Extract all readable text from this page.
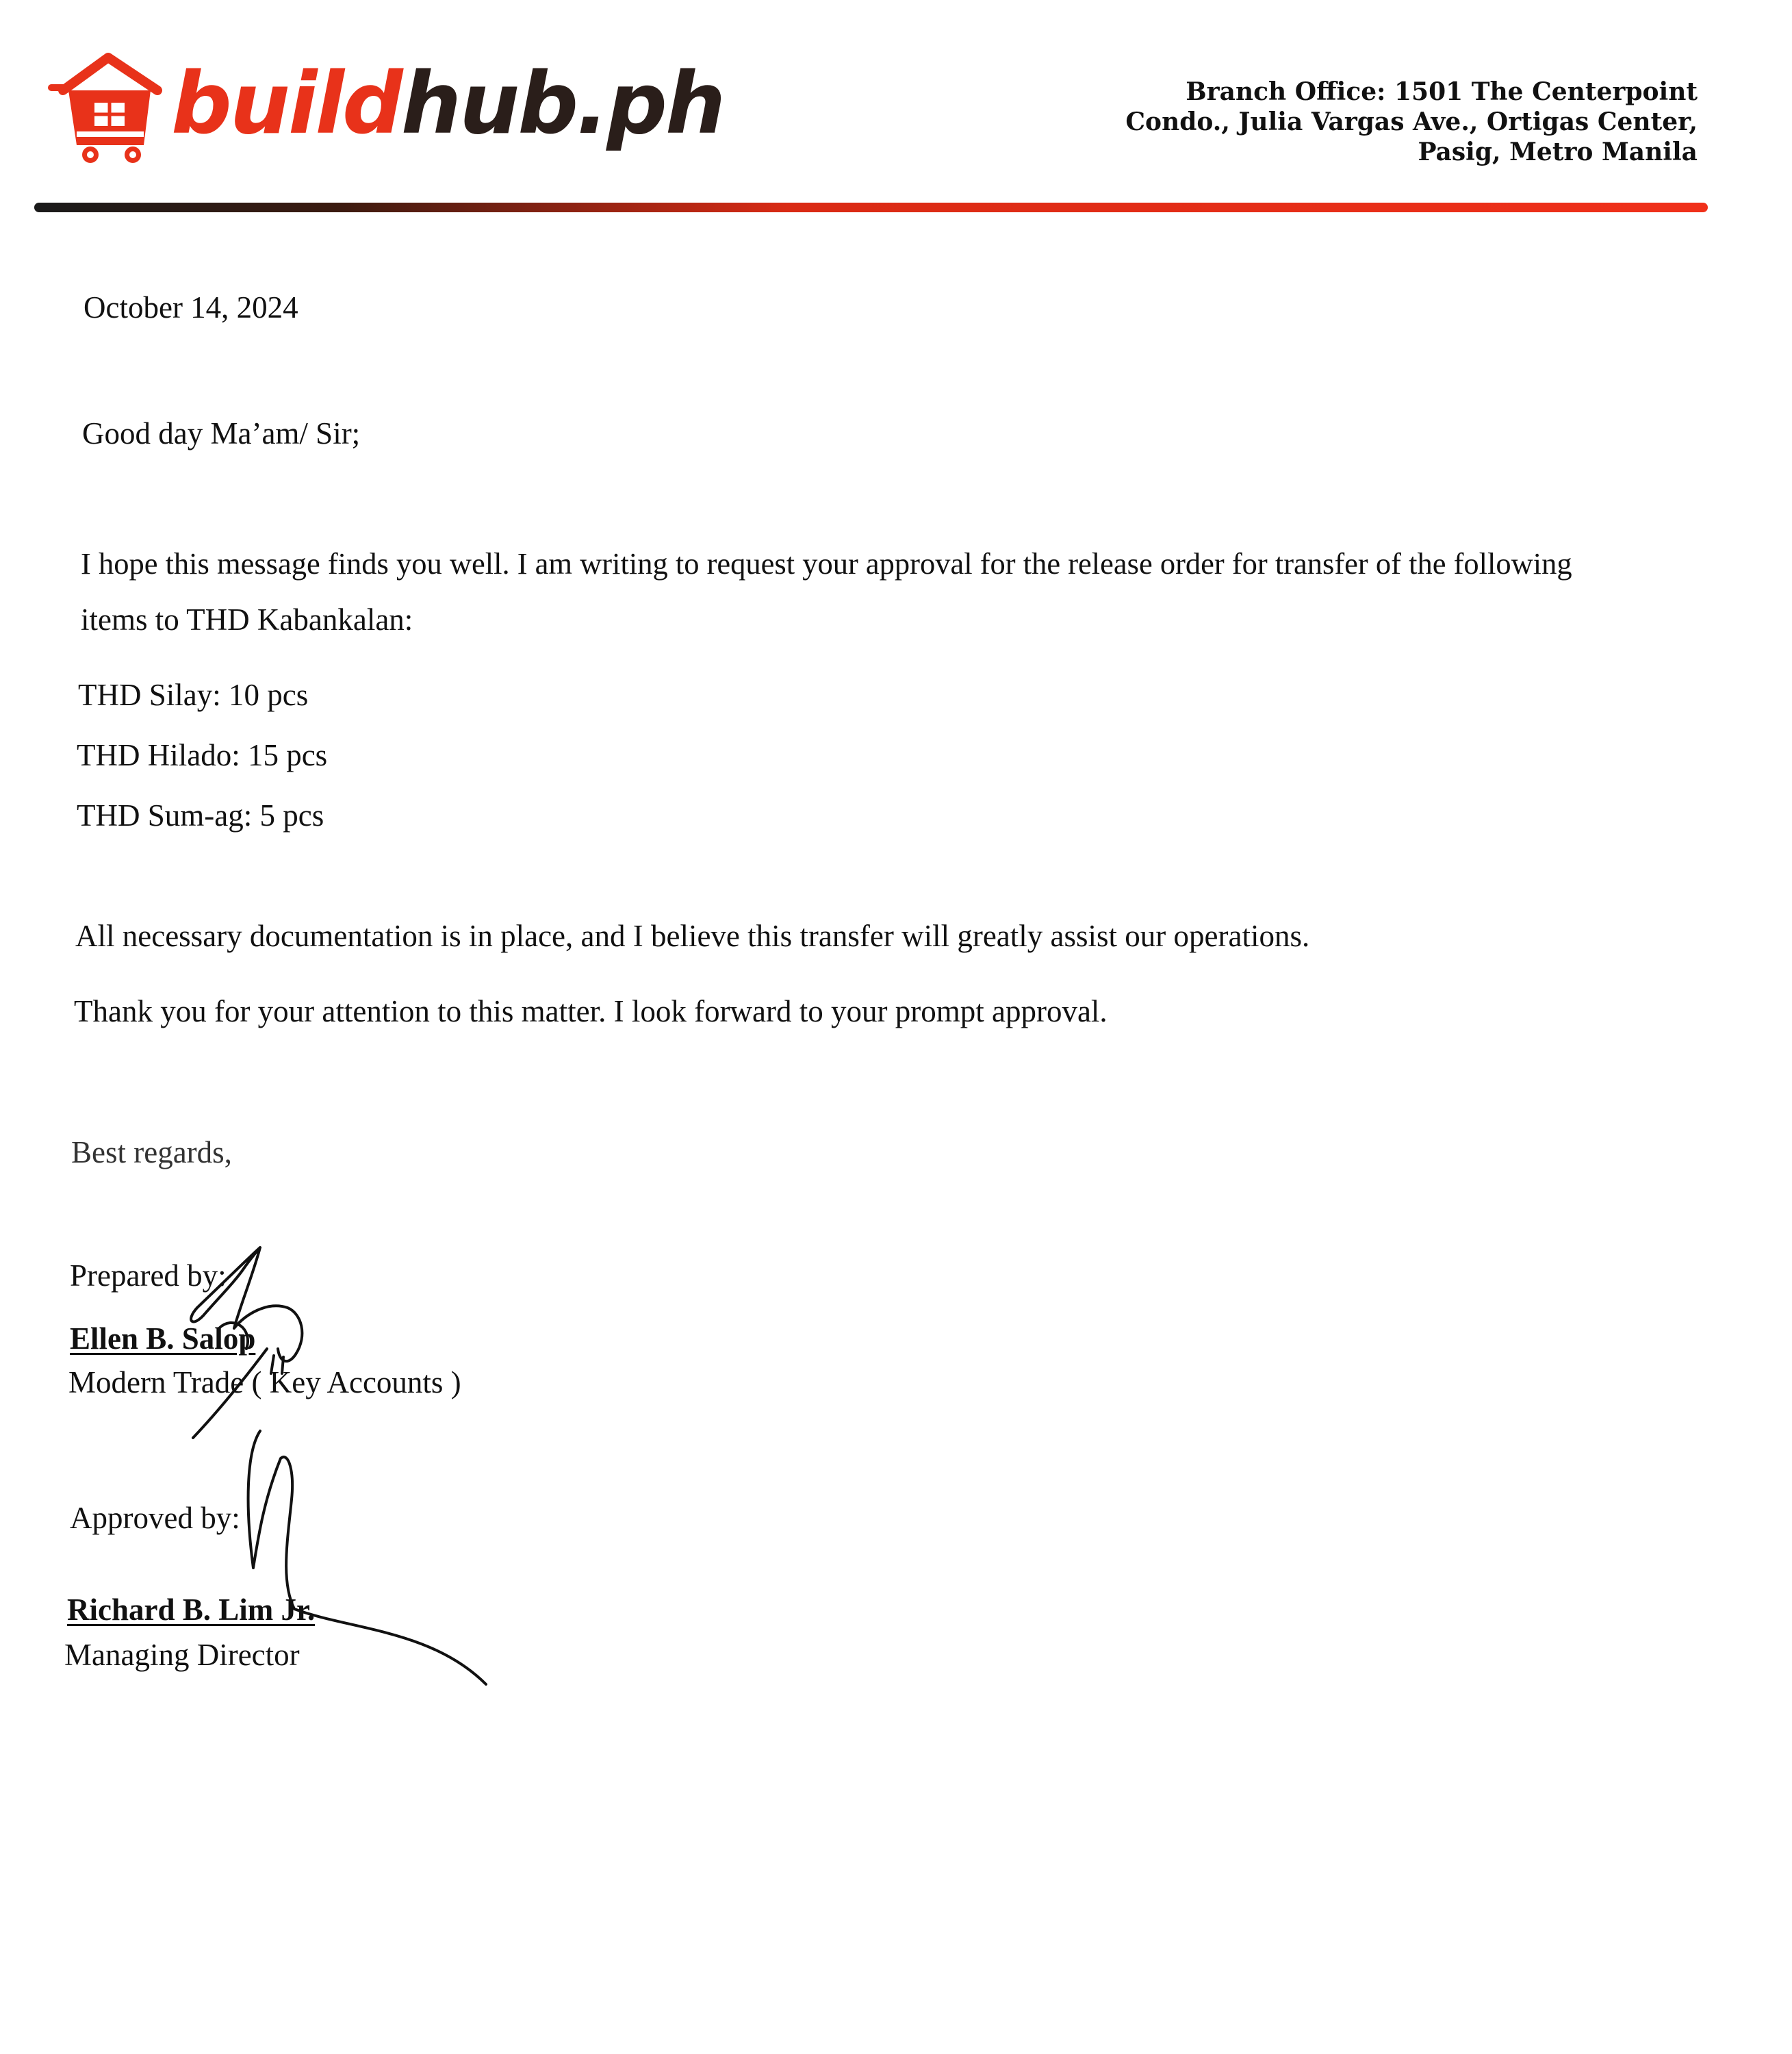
buildhub.ph	Branch Office: 1501 The Centerpoint
Condo., Julia Vargas Ave., Ortigas Center,
Pasig, Metro Manila
October 14, 2024
Good day Ma’am/ Sir;
I hope this message finds you well. I am writing to request your approval for the release order for transfer of the following
items to THD Kabankalan:
THD Silay: 10 pcs
THD Hilado: 15 pcs
THD Sum-ag: 5 pcs
All necessary documentation is in place, and I believe this transfer will greatly assist our operations.
Thank you for your attention to this matter. I look forward to your prompt approval.
Best regards,
Prepared by:
Ellen B. Salop
Modern Trade ( Key Accounts )
Approved by:
Richard B. Lim Jr.
Managing Director
